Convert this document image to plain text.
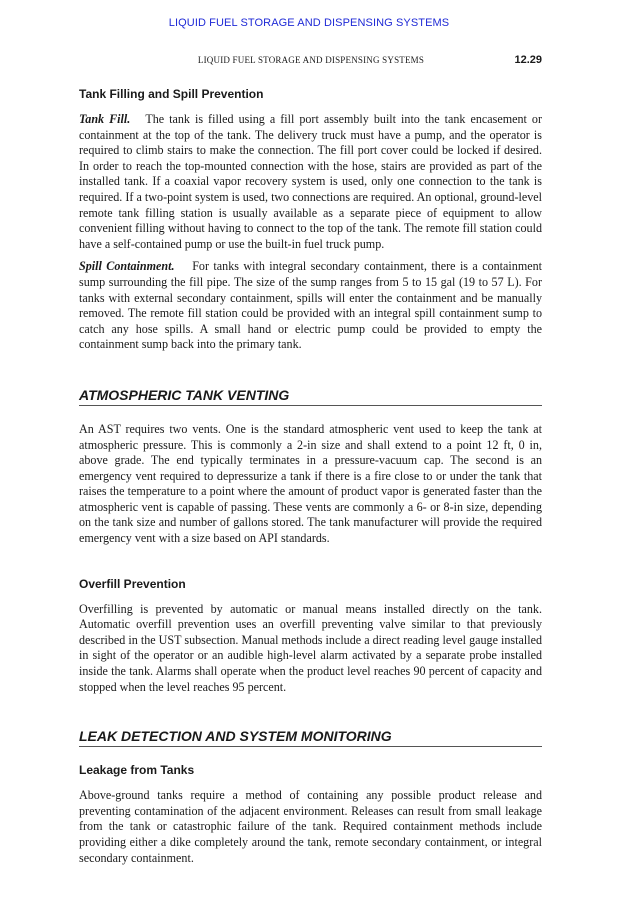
LIQUID FUEL STORAGE AND DISPENSING SYSTEMS
LIQUID FUEL STORAGE AND DISPENSING SYSTEMS	12.29
Tank Filling and Spill Prevention

Tank Fill. The tank is filled using a fill port assembly built into the tank encasement or containment at the top of the tank. The delivery truck must have a pump, and the operator is required to climb stairs to make the connection. The fill port cover could be locked if desired. In order to reach the top-mounted connection with the hose, stairs are provided as part of the installed tank. If a coaxial vapor recovery system is used, only one connection to the tank is required. If a two-point system is used, two connections are required. An optional, ground-level remote tank filling station is usually available as a separate piece of equipment to allow convenient filling without having to connect to the top of the tank. The remote fill station could have a self-contained pump or use the built-in fuel truck pump.

Spill Containment. For tanks with integral secondary containment, there is a containment sump surrounding the fill pipe. The size of the sump ranges from 5 to 15 gal (19 to 57 L). For tanks with external secondary containment, spills will enter the containment and be manually removed. The remote fill station could be provided with an integral spill containment sump to catch any hose spills. A small hand or electric pump could be provided to empty the containment sump back into the primary tank.

ATMOSPHERIC TANK VENTING

An AST requires two vents. One is the standard atmospheric vent used to keep the tank at atmospheric pressure. This is commonly a 2-in size and shall extend to a point 12 ft, 0 in, above grade. The end typically terminates in a pressure-vacuum cap. The second is an emergency vent required to depressurize a tank if there is a fire close to or under the tank that raises the temperature to a point where the amount of product vapor is generated faster than the atmospheric vent is capable of passing. These vents are commonly a 6- or 8-in size, depending on the tank size and number of gallons stored. The tank manufacturer will provide the required emergency vent with a size based on API standards.

Overfill Prevention

Overfilling is prevented by automatic or manual means installed directly on the tank. Automatic overfill prevention uses an overfill preventing valve similar to that previously described in the UST subsection. Manual methods include a direct reading level gauge installed in sight of the operator or an audible high-level alarm activated by a separate probe installed inside the tank. Alarms shall operate when the product level reaches 90 percent of capacity and stopped when the level reaches 95 percent.

LEAK DETECTION AND SYSTEM MONITORING
Leakage from Tanks

Above-ground tanks require a method of containing any possible product release and preventing contamination of the adjacent environment. Releases can result from small leakage from the tank or catastrophic failure of the tank. Required containment methods include providing either a dike completely around the tank, remote secondary containment, or integral secondary containment.
